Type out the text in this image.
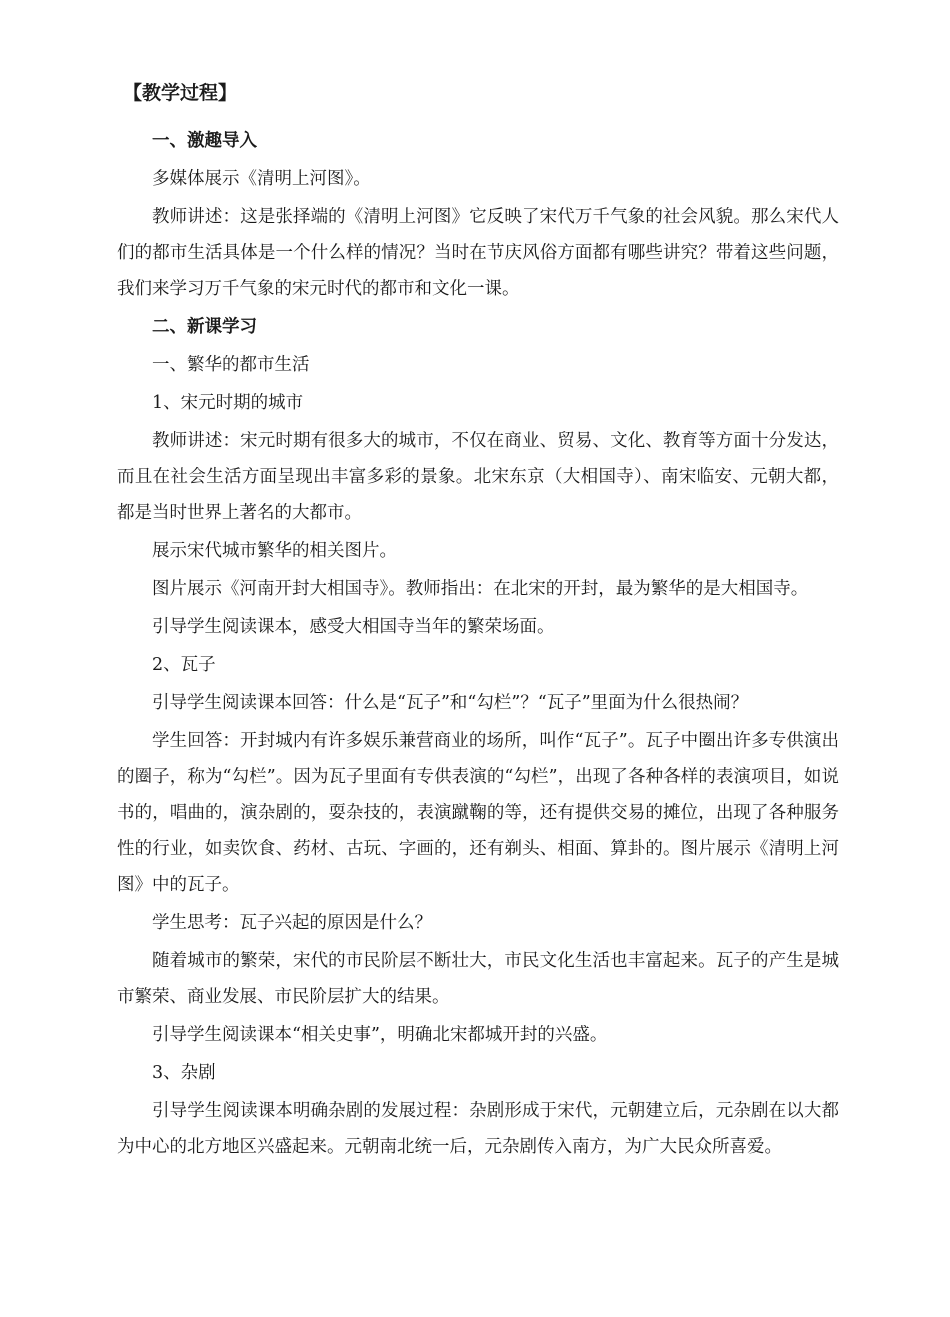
【教学过程】

一、激趣导入

多媒体展示《清明上河图》。

教师讲述：这是张择端的《清明上河图》它反映了宋代万千气象的社会风貌。那么宋代人们的都市生活具体是一个什么样的情况？当时在节庆风俗方面都有哪些讲究？带着这些问题，我们来学习万千气象的宋元时代的都市和文化一课。

二、新课学习

一、繁华的都市生活

1、宋元时期的城市

教师讲述：宋元时期有很多大的城市，不仅在商业、贸易、文化、教育等方面十分发达，而且在社会生活方面呈现出丰富多彩的景象。北宋东京（大相国寺）、南宋临安、元朝大都，都是当时世界上著名的大都市。

展示宋代城市繁华的相关图片。

图片展示《河南开封大相国寺》。教师指出：在北宋的开封，最为繁华的是大相国寺。

引导学生阅读课本，感受大相国寺当年的繁荣场面。

2、瓦子

引导学生阅读课本回答：什么是“瓦子”和“勾栏”？“瓦子”里面为什么很热闹？

学生回答：开封城内有许多娱乐兼营商业的场所，叫作“瓦子”。瓦子中圈出许多专供演出的圈子，称为“勾栏”。因为瓦子里面有专供表演的“勾栏”，出现了各种各样的表演项目，如说书的，唱曲的，演杂剧的，耍杂技的，表演蹴鞠的等，还有提供交易的摊位，出现了各种服务性的行业，如卖饮食、药材、古玩、字画的，还有剃头、相面、算卦的。图片展示《清明上河图》中的瓦子。

学生思考：瓦子兴起的原因是什么？

随着城市的繁荣，宋代的市民阶层不断壮大，市民文化生活也丰富起来。瓦子的产生是城市繁荣、商业发展、市民阶层扩大的结果。

引导学生阅读课本“相关史事”，明确北宋都城开封的兴盛。

3、杂剧

引导学生阅读课本明确杂剧的发展过程：杂剧形成于宋代，元朝建立后，元杂剧在以大都为中心的北方地区兴盛起来。元朝南北统一后，元杂剧传入南方，为广大民众所喜爱。
